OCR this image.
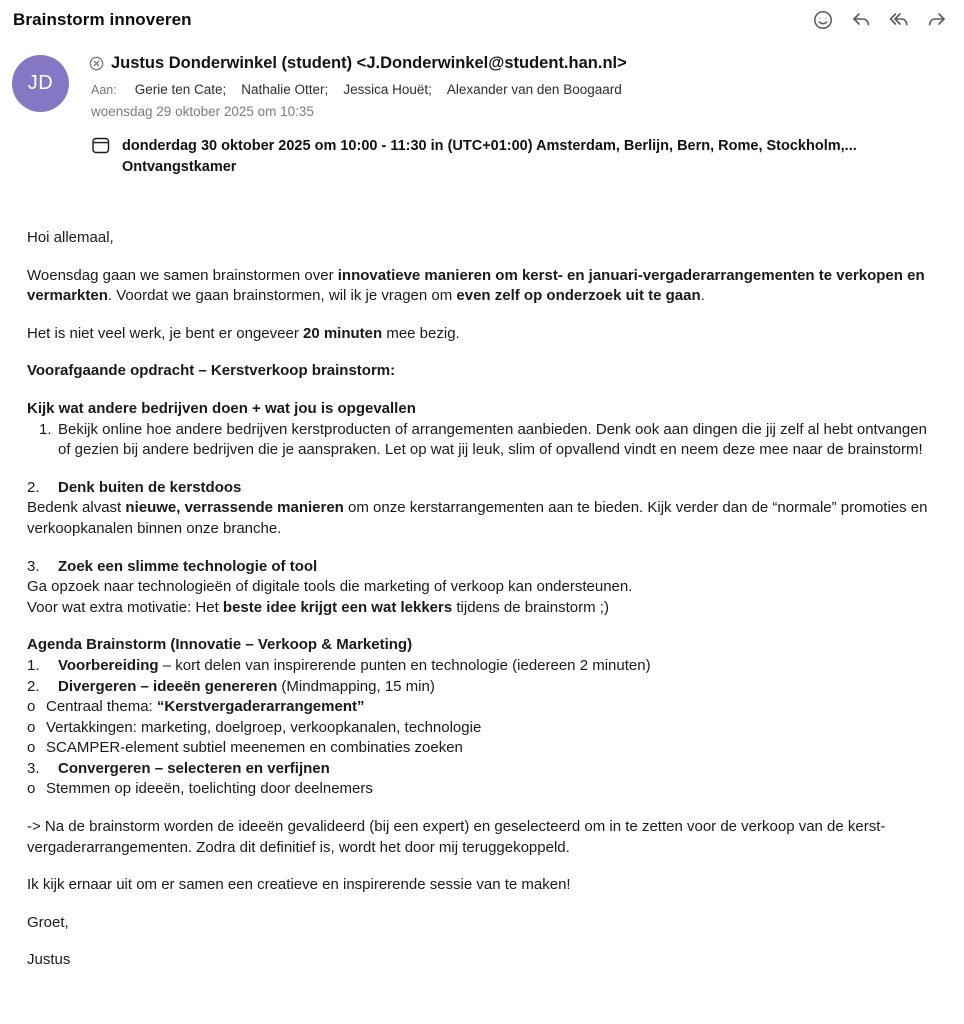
Brainstorm innoveren
JD
Justus Donderwinkel (student) <J.Donderwinkel@student.han.nl>
Aan:	Gerie ten Cate; Nathalie Otter; Jessica Houët; Alexander van den Boogaard
woensdag 29 oktober 2025 om 10:35
donderdag 30 oktober 2025 om 10:00 - 11:30 in (UTC+01:00) Amsterdam, Berlijn, Bern, Rome, Stockholm,...
Ontvangstkamer
Hoi allemaal,
Woensdag gaan we samen brainstormen over innovatieve manieren om kerst- en januari-vergaderarrangementen te verkopen en vermarkten. Voordat we gaan brainstormen, wil ik je vragen om even zelf op onderzoek uit te gaan.
Het is niet veel werk, je bent er ongeveer 20 minuten mee bezig.
Voorafgaande opdracht – Kerstverkoop brainstorm:
Kijk wat andere bedrijven doen + wat jou is opgevallen
1. Bekijk online hoe andere bedrijven kerstproducten of arrangementen aanbieden. Denk ook aan dingen die jij zelf al hebt ontvangen of gezien bij andere bedrijven die je aanspraken. Let op wat jij leuk, slim of opvallend vindt en neem deze mee naar de brainstorm!
2. Denk buiten de kerstdoos
Bedenk alvast nieuwe, verrassende manieren om onze kerstarrangementen aan te bieden. Kijk verder dan de “normale” promoties en verkoopkanalen binnen onze branche.
3. Zoek een slimme technologie of tool
Ga opzoek naar technologieën of digitale tools die marketing of verkoop kan ondersteunen.
Voor wat extra motivatie: Het beste idee krijgt een wat lekkers tijdens de brainstorm ;)
Agenda Brainstorm (Innovatie – Verkoop & Marketing)
1. Voorbereiding – kort delen van inspirerende punten en technologie (iedereen 2 minuten)
2. Divergeren – ideeën genereren (Mindmapping, 15 min)
o Centraal thema: “Kerstvergaderarrangement”
o Vertakkingen: marketing, doelgroep, verkoopkanalen, technologie
o SCAMPER-element subtiel meenemen en combinaties zoeken
3. Convergeren – selecteren en verfijnen
o Stemmen op ideeën, toelichting door deelnemers
-> Na de brainstorm worden de ideeën gevalideerd (bij een expert) en geselecteerd om in te zetten voor de verkoop van de kerst-vergaderarrangementen. Zodra dit definitief is, wordt het door mij teruggekoppeld.
Ik kijk ernaar uit om er samen een creatieve en inspirerende sessie van te maken!
Groet,
Justus
